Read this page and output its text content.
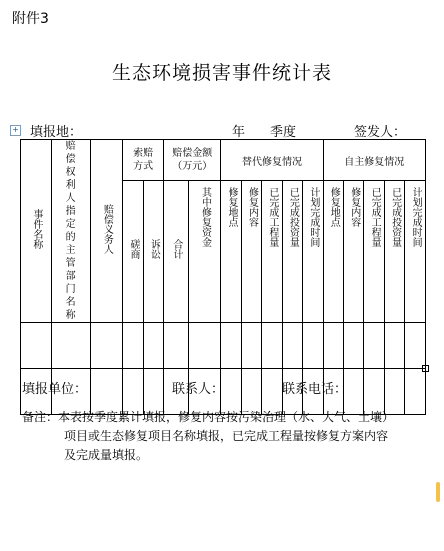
附件3
生态环境损害事件统计表
+ 填报地：	年 季度	签发人：
事件名称	赔偿权利人指定的主管部门名称	赔偿义务人	索赔方式		赔偿金额（万元）		替代修复情况					自主修复情况				
			磋商	诉讼	合计	其中修复资金	修复地点	修复内容	已完成工程量	已完成投资量	计划完成时间	修复地点	修复内容	已完成工程量	已完成投资量	计划完成时间

填报单位：	联系人：	联系电话：
备注：本表按季度累计填报，修复内容按污染治理（水、大气、土壤）
项目或生态修复项目名称填报，已完成工程量按修复方案内容
及完成量填报。
